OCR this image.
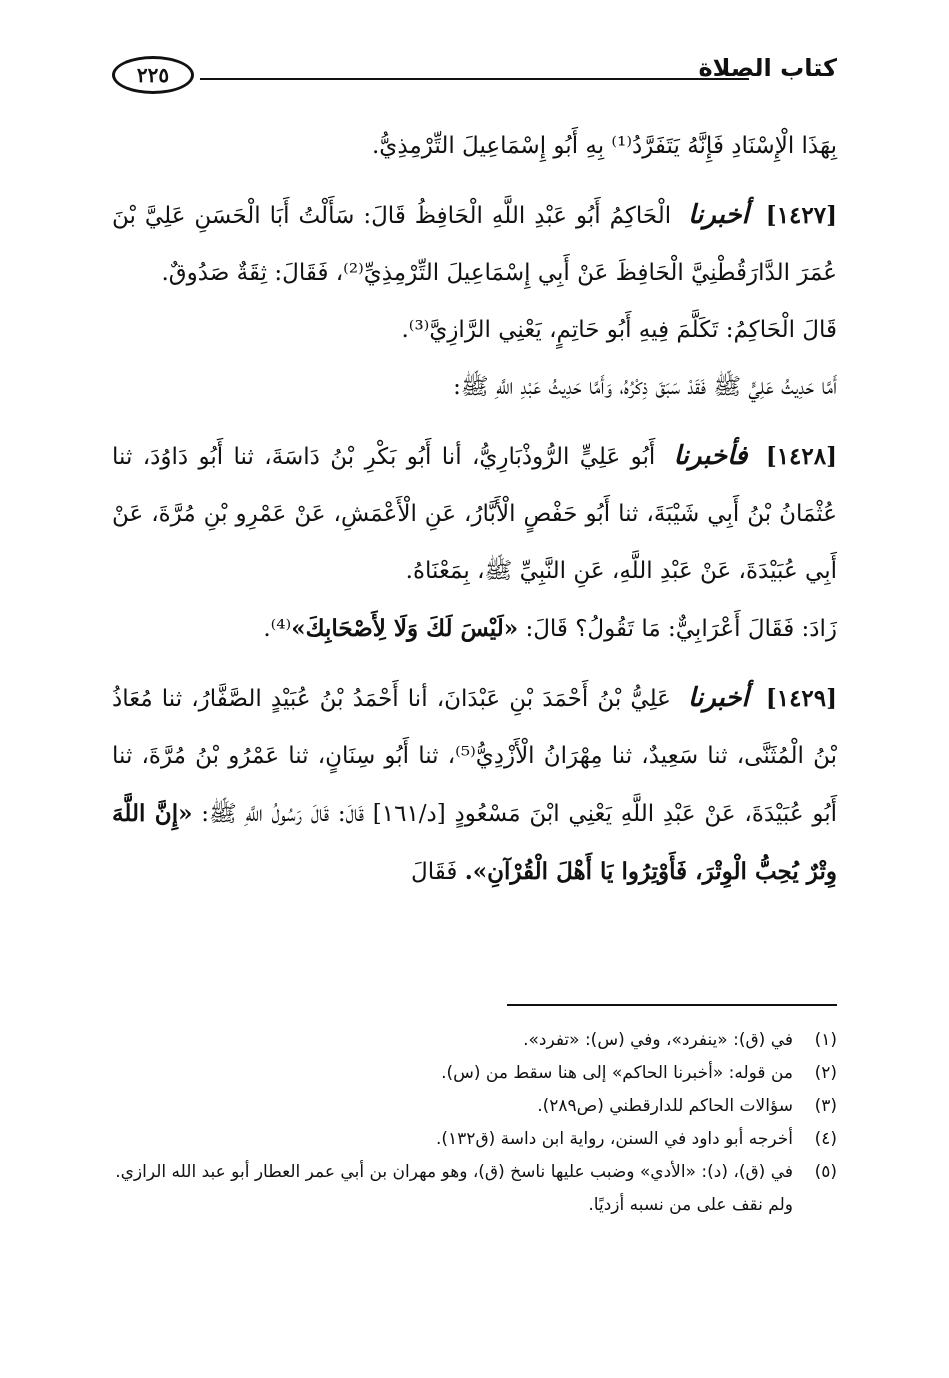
كتاب الصلاة
٢٢٥

بِهَذَا الْإِسْنَادِ فَإِنَّهُ يَتَفَرَّدُ⁽¹⁾ بِهِ أَبُو إِسْمَاعِيلَ التِّرْمِذِيُّ.

[١٤٢٧] أخبرنا الْحَاكِمُ أَبُو عَبْدِ اللَّهِ الْحَافِظُ قَالَ: سَأَلْتُ أَبَا الْحَسَنِ عَلِيَّ بْنَ عُمَرَ الدَّارَقُطْنِيَّ الْحَافِظَ عَنْ أَبِي إِسْمَاعِيلَ التِّرْمِذِيِّ⁽²⁾، فَقَالَ: ثِقَةٌ صَدُوقٌ.

قَالَ الْحَاكِمُ: تَكَلَّمَ فِيهِ أَبُو حَاتِمٍ، يَعْنِي الرَّازِيَّ⁽³⁾.

أَمَّا حَدِيثُ عَلِيٍّ ﷺ فَقَدْ سَبَقَ ذِكْرُهُ، وَأَمَّا حَدِيثُ عَبْدِ اللَّهِ ﷺ:

[١٤٢٨] فأخبرنا أَبُو عَلِيٍّ الرُّوذْبَارِيُّ، أنا أَبُو بَكْرِ بْنُ دَاسَةَ، ثنا أَبُو دَاوُدَ، ثنا عُثْمَانُ بْنُ أَبِي شَيْبَةَ، ثنا أَبُو حَفْصٍ الْأَبَّارُ، عَنِ الْأَعْمَشِ، عَنْ عَمْرِو بْنِ مُرَّةَ، عَنْ أَبِي عُبَيْدَةَ، عَنْ عَبْدِ اللَّهِ، عَنِ النَّبِيِّ ﷺ، بِمَعْنَاهُ.

زَادَ: فَقَالَ أَعْرَابِيٌّ: مَا تَقُولُ؟ قَالَ: «لَيْسَ لَكَ وَلَا لِأَصْحَابِكَ»⁽⁴⁾.

[١٤٢٩] أخبرنا عَلِيُّ بْنُ أَحْمَدَ بْنِ عَبْدَانَ، أنا أَحْمَدُ بْنُ عُبَيْدٍ الصَّفَّارُ، ثنا مُعَاذُ بْنُ الْمُثَنَّى، ثنا سَعِيدٌ، ثنا مِهْرَانُ الْأَزْدِيُّ⁽⁵⁾، ثنا أَبُو سِنَانٍ، ثنا عَمْرُو بْنُ مُرَّةَ، ثنا أَبُو عُبَيْدَةَ، عَنْ عَبْدِ اللَّهِ يَعْنِي ابْنَ مَسْعُودٍ [د/١٦١] قَالَ: قَالَ رَسُولُ اللَّهِ ﷺ: «إِنَّ اللَّهَ وِتْرٌ يُحِبُّ الْوِتْرَ، فَأَوْتِرُوا يَا أَهْلَ الْقُرْآنِ». فَقَالَ

(١)
في (ق): «ينفرد»، وفي (س): «تفرد».
(٢)
من قوله: «أخبرنا الحاكم» إلى هنا سقط من (س).
(٣)
سؤالات الحاكم للدارقطني (ص٢٨٩).
(٤)
أخرجه أبو داود في السنن، رواية ابن داسة (ق١٣٢).
(٥)
في (ق)، (د): «الأدي» وضبب عليها ناسخ (ق)، وهو مهران بن أبي عمر العطار أبو عبد الله الرازي. ولم نقف على من نسبه أزديًا.
